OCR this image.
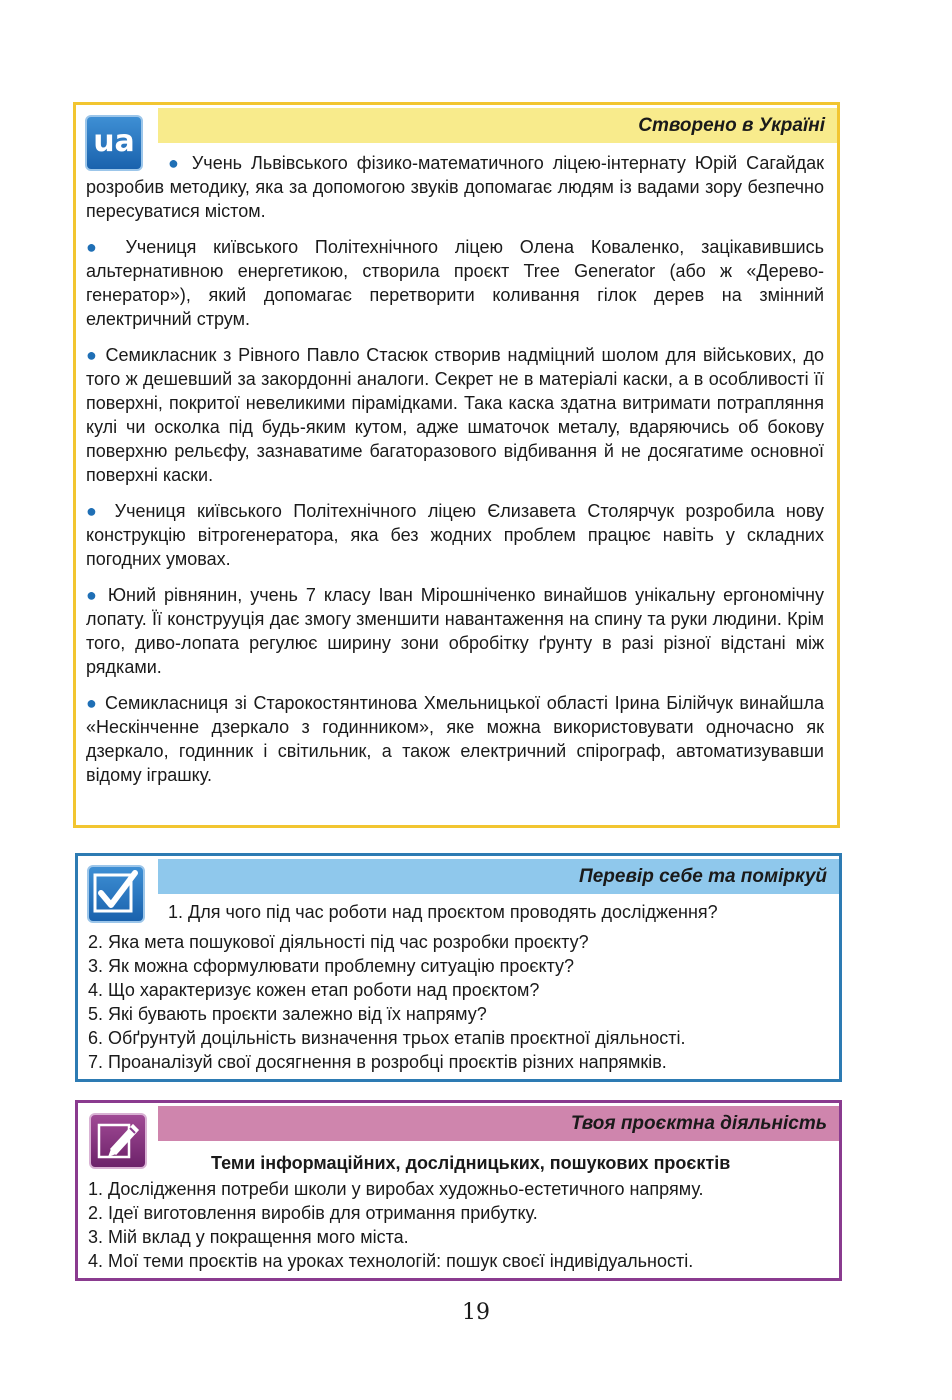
Створено в Україні
ua

● Учень Львівського фізико-математичного ліцею-інтернату Юрій Сагайдак розробив методику, яка за допомогою звуків допомагає людям із вадами зору безпечно пересуватися містом.

● Учениця київського Політехнічного ліцею Олена Коваленко, зацікавившись альтернативною енергетикою, створила проєкт Tree Generator (або ж «Дерево-генератор»), який допомагає перетворити коливання гілок дерев на змінний електричний струм.

● Семикласник з Рівного Павло Стасюк створив надміцний шолом для військових, до того ж дешевший за закордонні аналоги. Секрет не в матеріалі каски, а в особливості її поверхні, покритої невеликими пірамідками. Така каска здатна витримати потрапляння кулі чи осколка під будь-яким кутом, адже шматочок металу, вдаряючись об бокову поверхню рельєфу, зазнаватиме багаторазового відбивання й не досягатиме основної поверхні каски.

● Учениця київського Політехнічного ліцею Єлизавета Столярчук розробила нову конструкцію вітрогенератора, яка без жодних проблем працює навіть у складних погодних умовах.

● Юний рівнянин, учень 7 класу Іван Мірошніченко винайшов унікальну ергономічну лопату. Її конструуція дає змогу зменшити навантаження на спину та руки людини. Крім того, диво-лопата регулює ширину зони обробітку ґрунту в разі різної відстані між рядками.

● Семикласниця зі Старокостянтинова Хмельницької області Ірина Білійчук винайшла «Нескінченне дзеркало з годинником», яке можна використовувати одночасно як дзеркало, годинник і світильник, а також електричний спірограф, автоматизувавши відому іграшку.

Перевір себе та поміркуй
1. Для чого під час роботи над проєктом проводять дослідження?

2. Яка мета пошукової діяльності під час розробки проєкту?

3. Як можна сформулювати проблемну ситуацію проєкту?

4. Що характеризує кожен етап роботи над проєктом?

5. Які бувають проєкти залежно від їх напряму?

6. Обґрунтуй доцільність визначення трьох етапів проєктної діяльності.

7. Проаналізуй свої досягнення в розробці проєктів різних напрямків.

Твоя проєктна діяльність
Теми інформаційних, дослідницьких, пошукових проєктів

1. Дослідження потреби школи у виробах художньо-естетичного напряму.

2. Ідеї виготовлення виробів для отримання прибутку.

3. Мій вклад у покращення мого міста.

4. Мої теми проєктів на уроках технологій: пошук своєї індивідуальності.

19
